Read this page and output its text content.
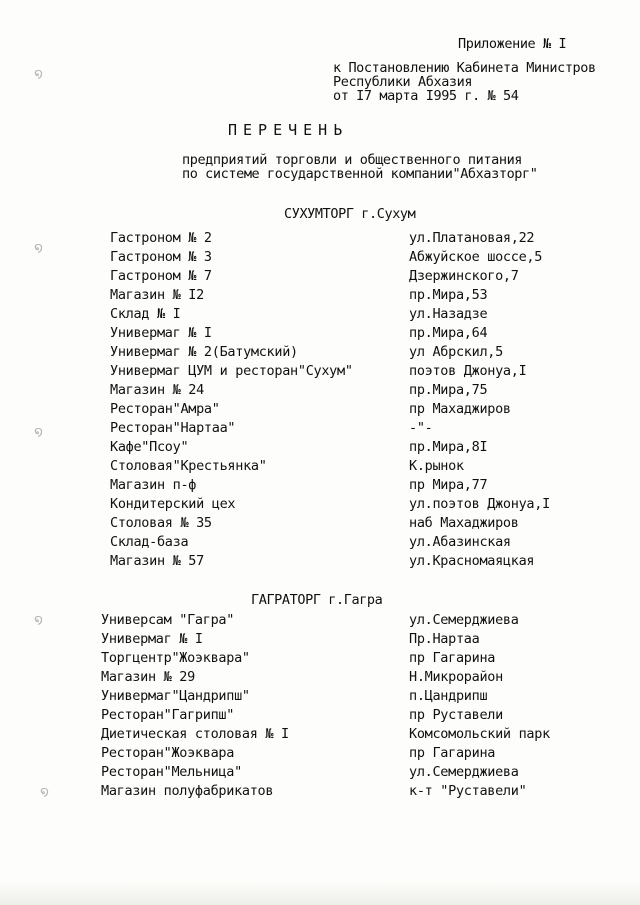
Приложение № I
к Постановлению Кабинета Министров
Республики Абхазия
от I7 марта I995 г. № 54
ПЕРЕЧЕНЬ
предприятий торговли и общественного питания
по системе государственной компании"Абхазторг"
СУХУМТОРГ г.Сухум
Гастроном № 2	ул.Платановая,22
Гастроном № 3	Абжуйское шоссе,5
Гастроном № 7	Дзержинского,7
Магазин № I2	пр.Мира,53
Склад № I	ул.Назадзе
Универмаг № I	пр.Мира,64
Универмаг № 2(Батумский)	ул Абрскил,5
Универмаг ЦУМ и ресторан"Сухум"	поэтов Джонуа,I
Магазин № 24	пр.Мира,75
Ресторан"Амра"	пр Махаджиров
Ресторан"Нартаа"	-"-
Кафе"Псоу"	пр.Мира,8I
Столовая"Крестьянка"	К.рынок
Магазин п-ф	пр Мира,77
Кондитерский цех	ул.поэтов Джонуа,I
Столовая № 35	наб Махаджиров
Склад-база	ул.Абазинская
Магазин № 57	ул.Красномаяцкая
ГАГРАТОРГ г.Гагра
Универсам "Гагра"	ул.Семерджиева
Универмаг № I	Пр.Нартаа
Торгцентр"Жоэквара"	пр Гагарина
Магазин № 29	Н.Микрорайон
Универмаг"Цандрипш"	п.Цандрипш
Ресторан"Гагрипш"	пр Руставели
Диетическая столовая № I	Комсомольский парк
Ресторан"Жоэквара	пр Гагарина
Ресторан"Мельница"	ул.Семерджиева
Магазин полуфабрикатов	к-т "Руставели"
໑
໑
໑
໑
໑
